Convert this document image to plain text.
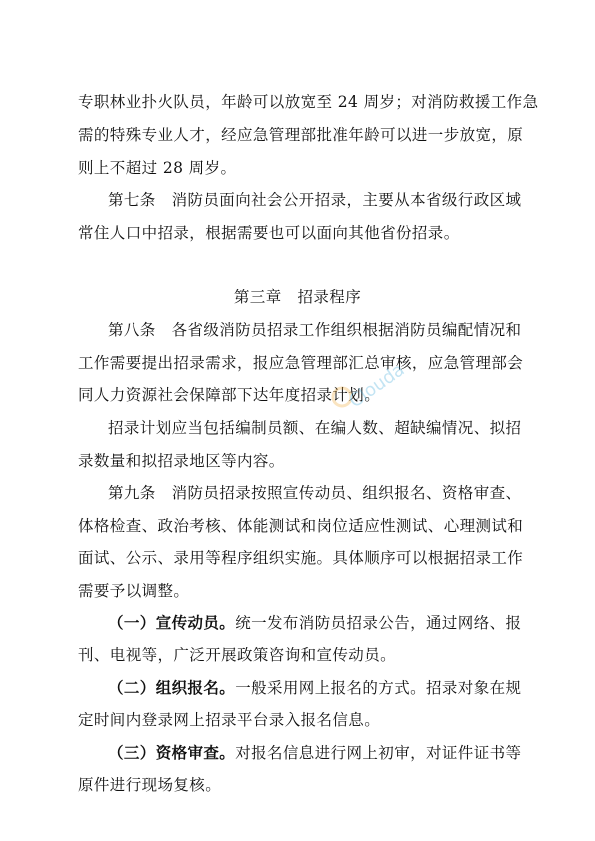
专职林业扑火队员，年龄可以放宽至 24 周岁；对消防救援工作急
需的特殊专业人才，经应急管理部批准年龄可以进一步放宽，原
则上不超过 28 周岁。
第七条　消防员面向社会公开招录，主要从本省级行政区域
常住人口中招录，根据需要也可以面向其他省份招录。
第三章　招录程序
第八条　各省级消防员招录工作组织根据消防员编配情况和
工作需要提出招录需求，报应急管理部汇总审核，应急管理部会
同人力资源社会保障部下达年度招录计划。
招录计划应当包括编制员额、在编人数、超缺编情况、拟招
录数量和拟招录地区等内容。
第九条　消防员招录按照宣传动员、组织报名、资格审查、
体格检查、政治考核、体能测试和岗位适应性测试、心理测试和
面试、公示、录用等程序组织实施。具体顺序可以根据招录工作
需要予以调整。
（一）宣传动员。统一发布消防员招录公告，通过网络、报
刊、电视等，广泛开展政策咨询和宣传动员。
（二）组织报名。一般采用网上报名的方式。招录对象在规
定时间内登录网上招录平台录入报名信息。
（三）资格审查。对报名信息进行网上初审，对证件证书等
原件进行现场复核。
Clouda
